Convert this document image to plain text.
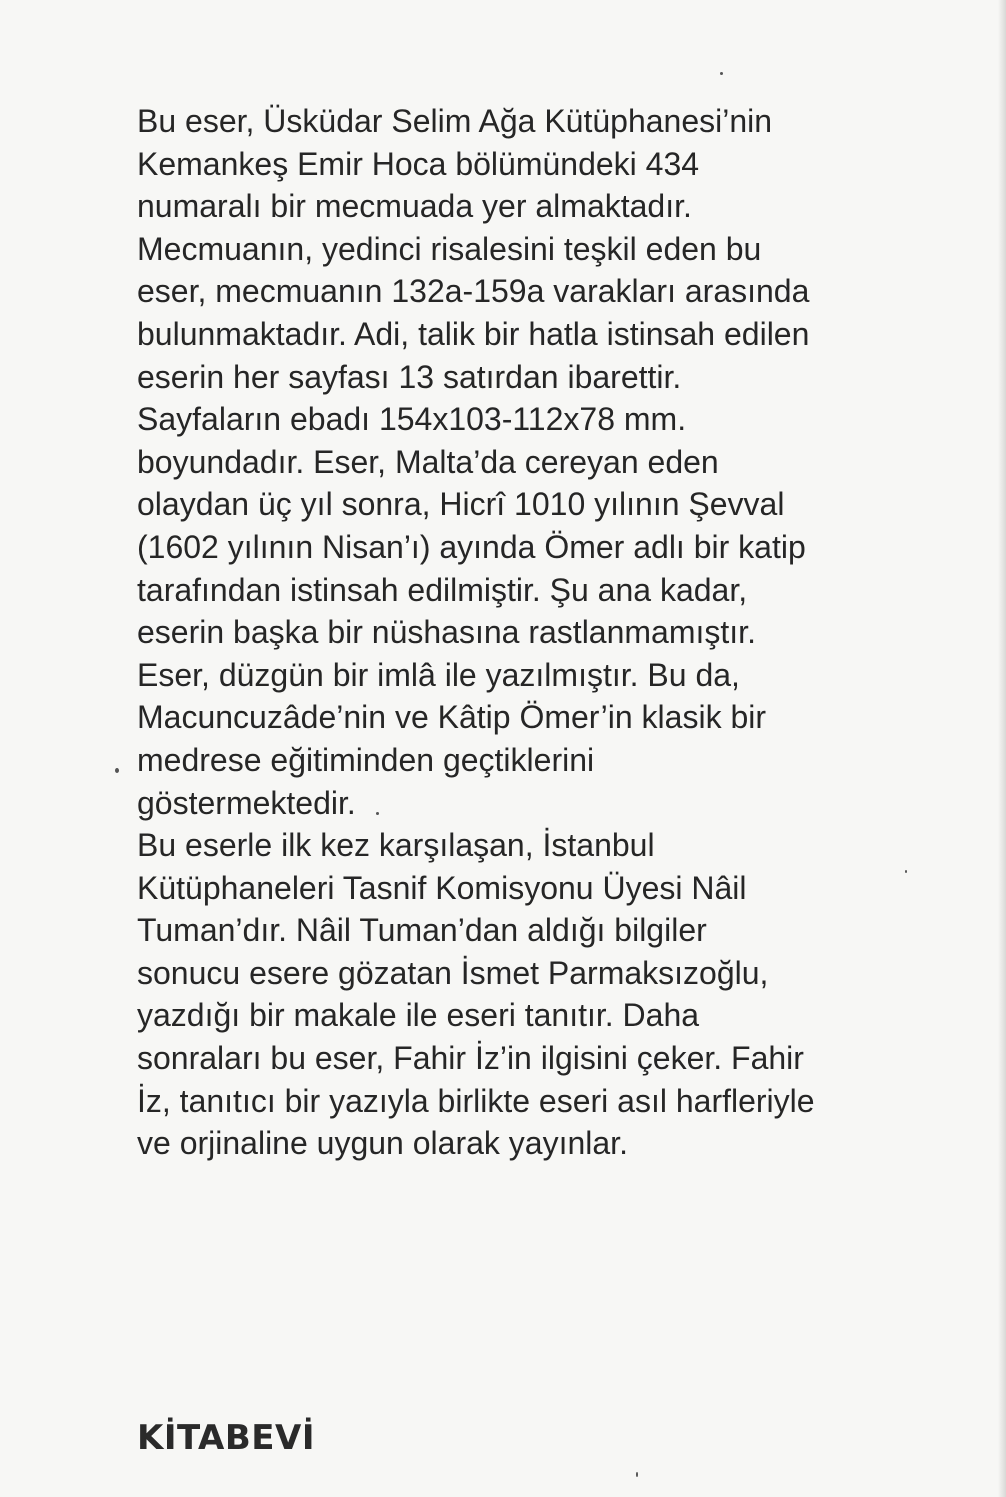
Bu eser, Üsküdar Selim Ağa Kütüphanesi’nin
Kemankeş Emir Hoca bölümündeki 434
numaralı bir mecmuada yer almaktadır.
Mecmuanın, yedinci risalesini teşkil eden bu
eser, mecmuanın 132a-159a varakları arasında
bulunmaktadır. Adi, talik bir hatla istinsah edilen
eserin her sayfası 13 satırdan ibarettir.
Sayfaların ebadı 154x103-112x78 mm.
boyundadır. Eser, Malta’da cereyan eden
olaydan üç yıl sonra, Hicrî 1010 yılının Şevval
(1602 yılının Nisan’ı) ayında Ömer adlı bir katip
tarafından istinsah edilmiştir. Şu ana kadar,
eserin başka bir nüshasına rastlanmamıştır.
Eser, düzgün bir imlâ ile yazılmıştır. Bu da,
Macuncuzâde’nin ve Kâtip Ömer’in klasik bir
medrese eğitiminden geçtiklerini
göstermektedir.
Bu eserle ilk kez karşılaşan, İstanbul
Kütüphaneleri Tasnif Komisyonu Üyesi Nâil
Tuman’dır. Nâil Tuman’dan aldığı bilgiler
sonucu esere gözatan İsmet Parmaksızoğlu,
yazdığı bir makale ile eseri tanıtır. Daha
sonraları bu eser, Fahir İz’in ilgisini çeker. Fahir
İz, tanıtıcı bir yazıyla birlikte eseri asıl harfleriyle
ve orjinaline uygun olarak yayınlar.
KİTABEVİ
